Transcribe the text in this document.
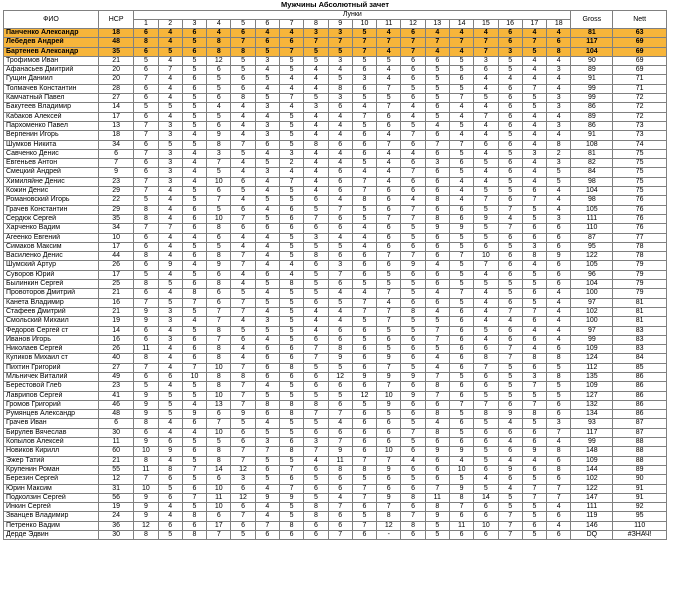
Мужчины Абсолютный зачет																					
ФИО	HCP	Лунки																		Gross	Nett
		1	2	3	4	5	6	7	8	9	10	11	12	13	14	15	16	17	18		
Панченко Александр	18	6	4	6	4	6	4	4	3	3	5	4	6	4	4	4	6	4	4	81	63
Лебедев Андрей	48	8	4	5	8	7	6	6	7	7	7	7	7	7	7	7	6	7	6	117	69
Бартенев Александр	35	6	5	6	8	8	5	7	5	5	7	4	7	4	4	7	3	5	8	104	69
Трофимов Иван	21	5	4	5	12	5	3	5	5	3	5	5	6	6	5	3	5	4	4	90	69
Афанасьев Дмитрий	20	6	7	5	6	5	4	5	4	4	6	4	6	5	5	6	5	4	3	89	69
Гущин Даниил	20	7	4	6	5	6	5	4	4	5	3	4	6	5	6	4	4	4	4	91	71
Толмачев Константин	28	6	4	6	5	6	4	4	4	8	6	7	5	5	5	4	6	7	4	99	71
Камчатный Павел	27	6	4	5	6	8	5	7	5	3	5	5	6	5	7	5	6	5	3	99	72
Бакутеев Владимир	14	5	5	5	4	4	3	4	3	6	4	7	4	6	4	4	6	5	3	86	72
Кабаков Алексей	17	6	4	5	5	4	4	5	4	4	7	6	4	5	4	7	6	4	4	89	72
Пархоменко Павел	13	7	3	5	6	4	3	5	4	4	5	6	5	4	5	4	6	4	3	86	73
Верпенин Игорь	18	7	3	4	9	4	3	5	4	4	6	4	7	6	4	4	5	4	4	91	73
Шумков Никита	34	6	5	5	8	7	6	5	8	6	6	7	6	7	7	6	6	4	8	108	74
Савченко Денис	6	7	3	4	3	5	4	3	4	4	6	4	4	6	5	4	5	3	2	81	75
Евгеньев Антон	7	6	3	4	7	4	5	2	4	4	5	4	6	3	6	5	6	4	3	82	75
Смецкий Андрей	9	6	3	4	5	4	3	4	4	6	4	4	7	6	5	4	6	4	5	84	75
Химиляйне Денис	23	7	3	4	10	6	4	7	4	6	7	4	6	6	4	4	5	4	5	98	75
Кожин Денис	29	7	4	5	6	5	4	5	4	6	7	6	6	6	4	5	5	6	4	104	75
Романовский Игорь	22	5	4	5	7	4	5	5	6	4	8	6	4	8	4	7	6	7	4	98	76
Грачев Константин	29	8	4	6	5	6	4	6	5	7	5	6	7	6	6	5	7	5	4	105	76
Сердюк Сергей	35	8	4	6	10	7	5	6	7	6	5	7	7	8	6	9	4	5	3	111	76
Харченко Вадим	34	7	7	6	8	6	6	6	6	6	4	6	5	9	9	5	7	6	6	110	76
Агеенко Евгений	10	6	4	4	6	4	4	5	3	4	4	6	5	6	5	5	6	6	6	87	77
Симаков Максим	17	6	4	5	5	4	4	5	5	5	4	6	6	6	5	6	5	3	6	95	78
Василенко Денис	44	8	4	6	8	7	4	5	8	6	6	7	7	6	7	10	6	8	9	122	78
Шумский Артур	26	6	9	4	9	7	4	4	6	3	6	6	9	4	5	7	6	4	6	105	79
Суворов Юрий	17	5	4	5	6	4	6	4	5	7	6	5	6	6	5	4	6	5	6	96	79
Былинкин Сергей	25	8	5	6	8	4	5	8	5	6	5	5	5	6	5	5	5	5	6	104	79
Провоторов Дмитрий	21	6	4	8	6	5	4	5	5	4	4	7	5	4	7	4	5	6	4	100	79
Канета Владимир	16	7	5	7	6	7	5	5	6	5	7	4	6	6	5	4	6	5	4	97	81
Стафеев Дмитрий	21	9	3	5	7	7	4	5	4	4	7	7	8	4	6	4	7	7	4	102	81
Смольский Михаил	19	9	3	4	7	4	3	5	4	4	5	7	5	5	6	4	4	6	4	100	81
Федоров Сергей ст	14	6	4	5	8	5	5	5	4	6	6	5	5	7	6	5	6	4	4	97	83
Иванов Игорь	16	6	3	6	7	6	4	5	6	6	5	6	6	7	6	4	6	6	4	99	83
Николаев Сергей	26	11	4	6	8	4	6	6	7	8	6	5	6	5	6	6	7	4	6	109	83
Куликов Михаил ст	40	8	4	6	8	4	6	6	7	9	6	9	6	4	6	8	7	8	8	124	84
Пихтин Григорий	27	7	4	7	10	7	6	8	5	5	6	7	5	4	6	7	5	6	5	112	85
Мльничек Виталий	49	6	6	10	8	8	6	6	6	12	9	9	9	7	5	6	5	3	8	135	86
Берестовой Глеб	23	5	4	5	8	7	4	5	6	6	6	7	6	8	6	6	5	7	5	109	86
Лаврипов Сергей	41	9	5	5	10	7	5	5	5	5	12	10	9	7	6	5	5	5	5	127	86
Громов Григорий	46	9	5	4	13	7	8	8	8	6	5	9	6	6	7	7	6	7	6	132	86
Румянцев Александр	48	9	5	9	6	9	6	8	7	7	6	5	6	8	5	8	9	8	6	134	86
Грачев Иван	6	8	4	6	7	5	4	5	5	4	6	6	5	4	6	5	4	5	3	93	87
Бирулев Вячеслав	30	6	4	4	10	6	5	5	6	6	6	6	7	8	5	6	6	6	7	117	87
Копылов Алексей	11	9	6	5	5	6	3	6	3	7	6	6	5	6	6	6	4	6	4	99	88
Новиков Кирилл	60	10	9	6	8	7	7	8	7	9	6	10	6	9	9	5	6	9	8	148	88
Эжер Татий	21	8	4	5	8	7	5	5	4	11	7	7	4	6	4	5	4	4	6	109	88
Крупенин Роман	55	11	8	7	14	12	6	7	6	8	8	9	6	6	10	6	9	6	8	144	89
Березин Сергей	12	7	6	5	6	3	5	6	5	6	5	6	5	6	5	4	6	5	6	102	90
Юрин Максим	31	10	5	6	10	6	4	7	6	6	7	6	6	7	9	5	4	7	7	122	91
Подколзин Сергей	56	9	6	7	11	12	9	9	5	4	7	9	8	11	8	14	5	7	7	147	91
Инкин Сергей	19	9	4	5	10	6	4	5	8	7	6	7	6	8	7	6	5	5	4	111	92
Званцев Владимир	24	9	4	8	6	7	4	5	8	6	5	8	7	9	6	6	7	5	6	119	95
Петренко Вадим	36	12	6	6	17	6	7	8	6	6	7	12	8	5	11	10	7	6	4	146	110
Дерде Эдвин	30	8	5	8	7	5	6	6	6	7	6	-	6	5	6	6	7	5	6	DQ	#ЗНАЧ!
